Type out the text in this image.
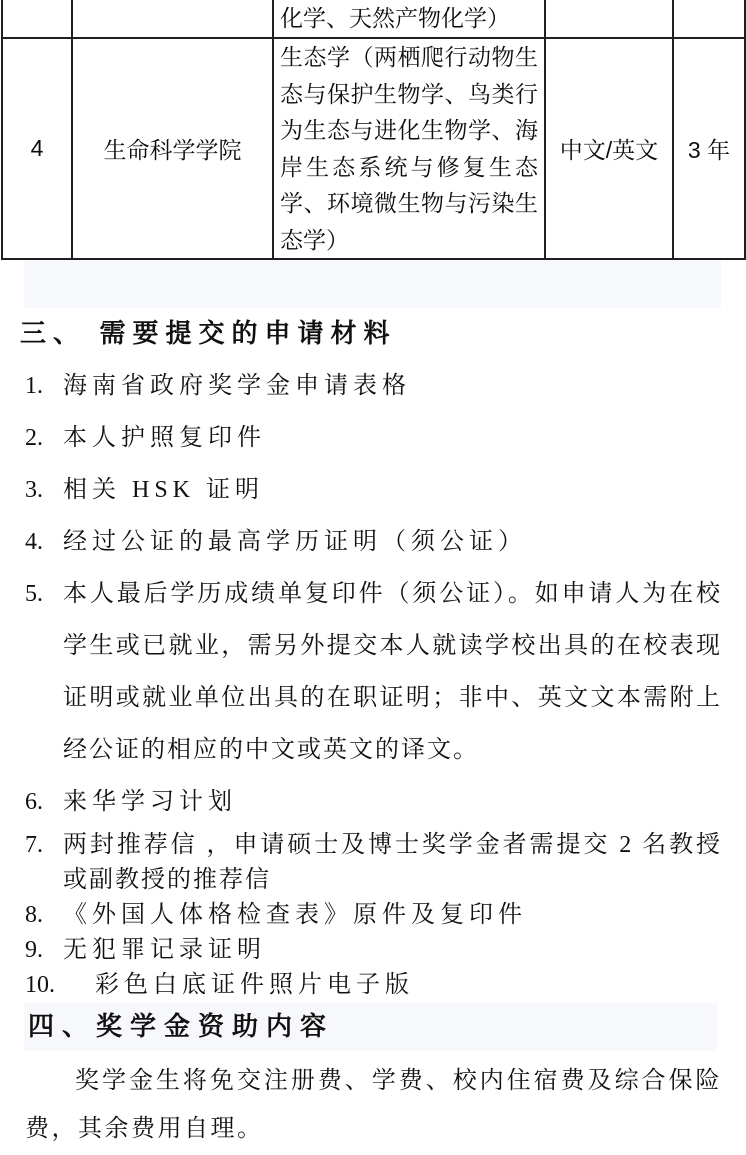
		化学、天然产物化学）		
4	生命科学学院	生态学（两栖爬行动物生态与保护生物学、鸟类行为生态与进化生物学、海岸生态系统与修复生态学、环境微生物与污染生态学）	中文/英文	3 年
三、 需要提交的申请材料
1. 海南省政府奖学金申请表格
2. 本人护照复印件
3. 相关 HSK 证明
4. 经过公证的最高学历证明（须公证）
5. 本人最后学历成绩单复印件（须公证）。如申请人为在校学生或已就业，需另外提交本人就读学校出具的在校表现证明或就业单位出具的在职证明；非中、英文文本需附上经公证的相应的中文或英文的译文。
6. 来华学习计划
7. 两封推荐信 ，申请硕士及博士奖学金者需提交 2 名教授或副教授的推荐信
8. 《外国人体格检查表》原件及复印件
9. 无犯罪记录证明
10.	彩色白底证件照片电子版
四、奖学金资助内容

奖学金生将免交注册费、学费、校内住宿费及综合保险费，其余费用自理。
